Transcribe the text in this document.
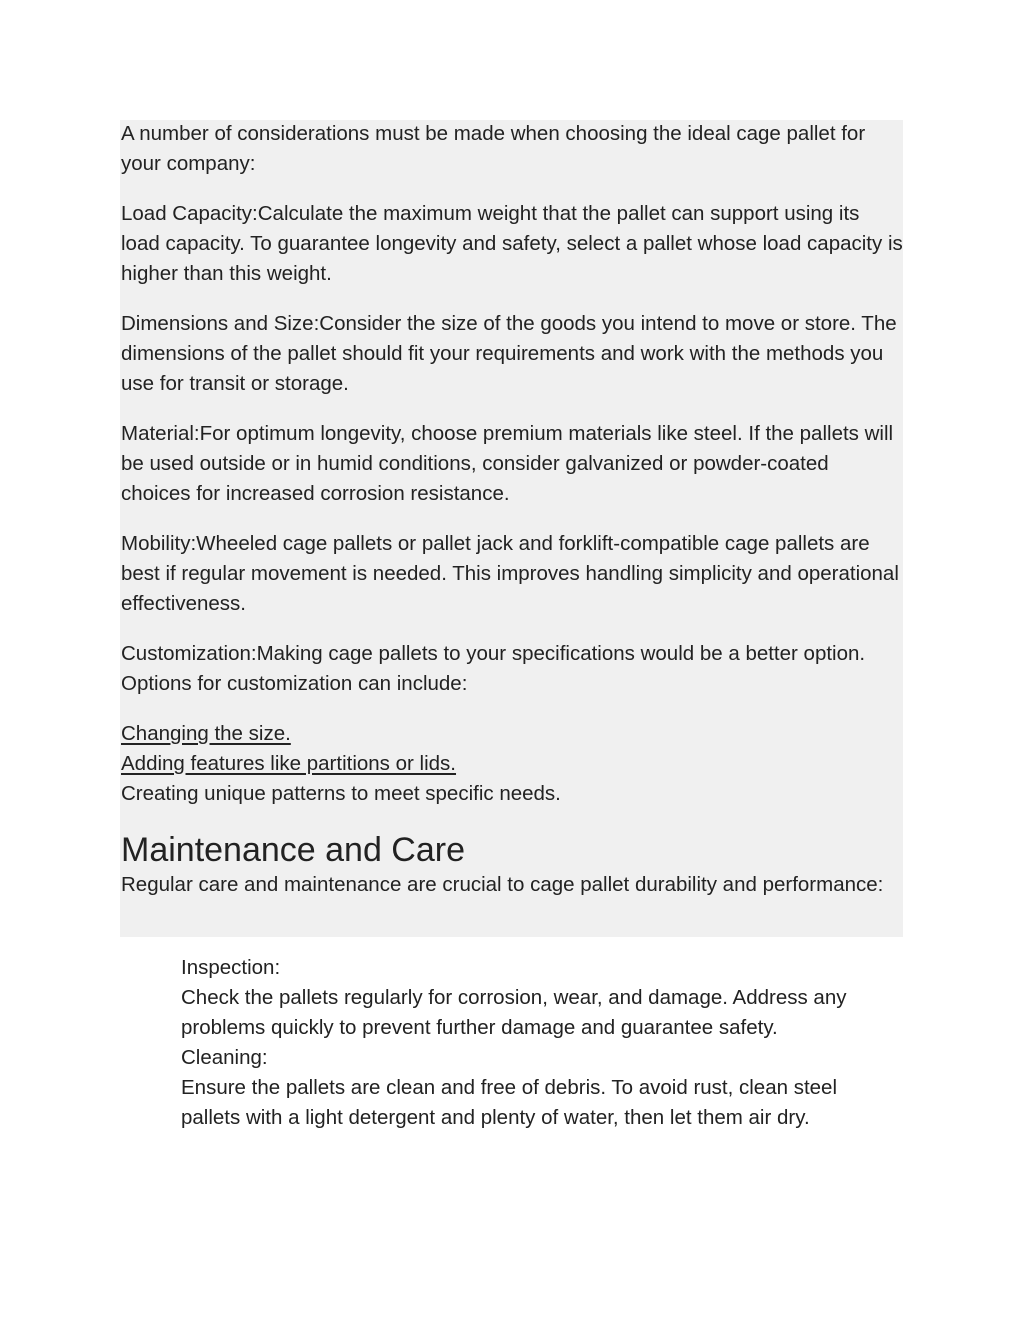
A number of considerations must be made when choosing the ideal cage pallet for your company:

Load Capacity:Calculate the maximum weight that the pallet can support using its load capacity. To guarantee longevity and safety, select a pallet whose load capacity is higher than this weight.

Dimensions and Size:Consider the size of the goods you intend to move or store. The dimensions of the pallet should fit your requirements and work with the methods you use for transit or storage.

Material:For optimum longevity, choose premium materials like steel. If the pallets will be used outside or in humid conditions, consider galvanized or powder-coated choices for increased corrosion resistance.

Mobility:Wheeled cage pallets or pallet jack and forklift-compatible cage pallets are best if regular movement is needed. This improves handling simplicity and operational effectiveness.

Customization:Making cage pallets to your specifications would be a better option. Options for customization can include:

Changing the size.
Adding features like partitions or lids.
Creating unique patterns to meet specific needs.
Maintenance and Care

Regular care and maintenance are crucial to cage pallet durability and performance:

Inspection:
Check the pallets regularly for corrosion, wear, and damage. Address any problems quickly to prevent further damage and guarantee safety.
Cleaning:
Ensure the pallets are clean and free of debris. To avoid rust, clean steel pallets with a light detergent and plenty of water, then let them air dry.
